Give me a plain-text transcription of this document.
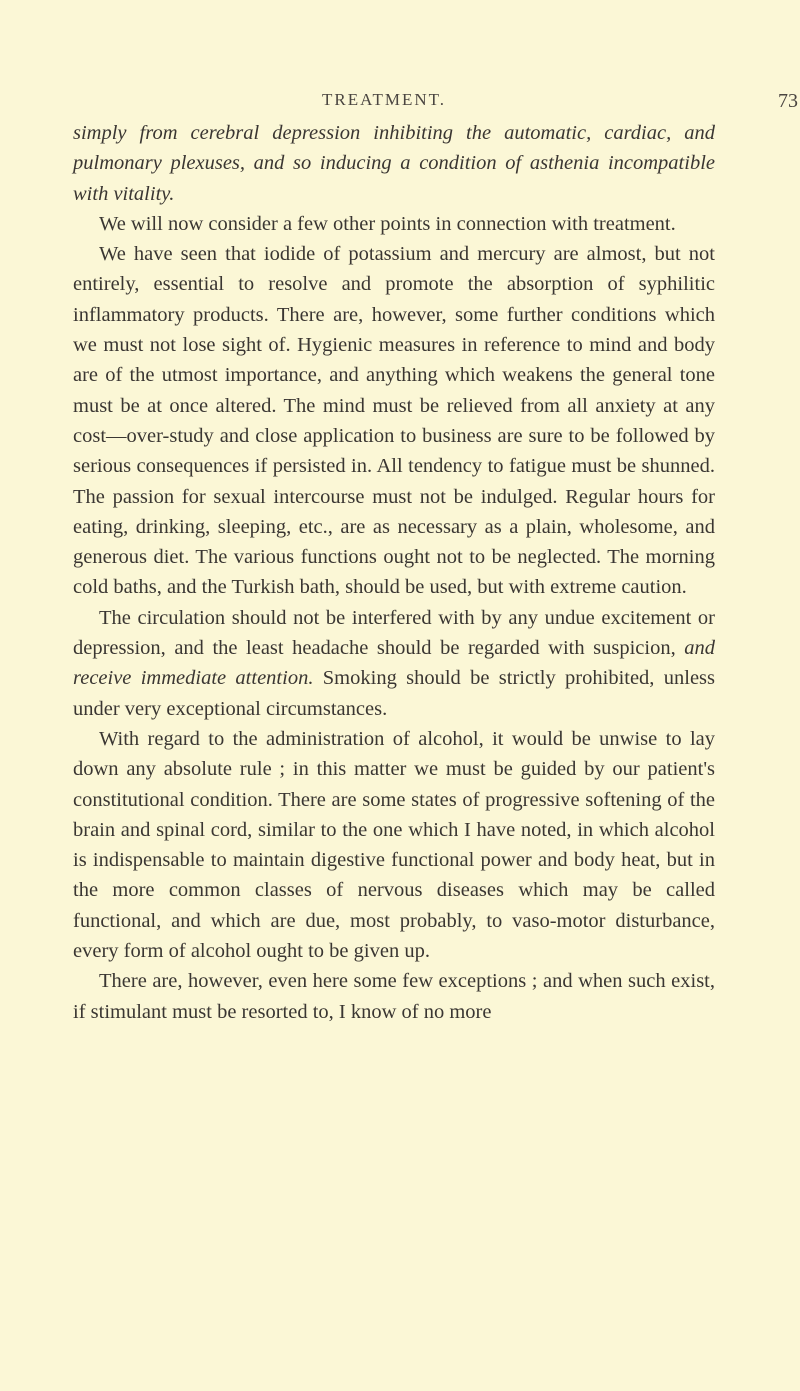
TREATMENT.	73

simply from cerebral depression inhibiting the automatic, cardiac, and pulmonary plexuses, and so inducing a condition of asthenia incompatible with vitality.

We will now consider a few other points in connection with treatment.

We have seen that iodide of potassium and mercury are almost, but not entirely, essential to resolve and promote the absorption of syphilitic inflammatory products. There are, however, some further conditions which we must not lose sight of. Hygienic measures in reference to mind and body are of the utmost importance, and anything which weakens the general tone must be at once altered. The mind must be relieved from all anxiety at any cost—over-study and close application to business are sure to be followed by serious consequences if persisted in. All tendency to fatigue must be shunned. The passion for sexual intercourse must not be indulged. Regular hours for eating, drinking, sleeping, etc., are as necessary as a plain, wholesome, and generous diet. The various functions ought not to be neglected. The morning cold baths, and the Turkish bath, should be used, but with extreme caution.

The circulation should not be interfered with by any undue excitement or depression, and the least headache should be regarded with suspicion, and receive immediate attention. Smoking should be strictly prohibited, unless under very exceptional circumstances.

With regard to the administration of alcohol, it would be unwise to lay down any absolute rule ; in this matter we must be guided by our patient's constitutional condition. There are some states of progressive softening of the brain and spinal cord, similar to the one which I have noted, in which alcohol is indispensable to maintain digestive functional power and body heat, but in the more common classes of nervous diseases which may be called functional, and which are due, most probably, to vaso-motor disturbance, every form of alcohol ought to be given up.

There are, however, even here some few exceptions ; and when such exist, if stimulant must be resorted to, I know of no more
